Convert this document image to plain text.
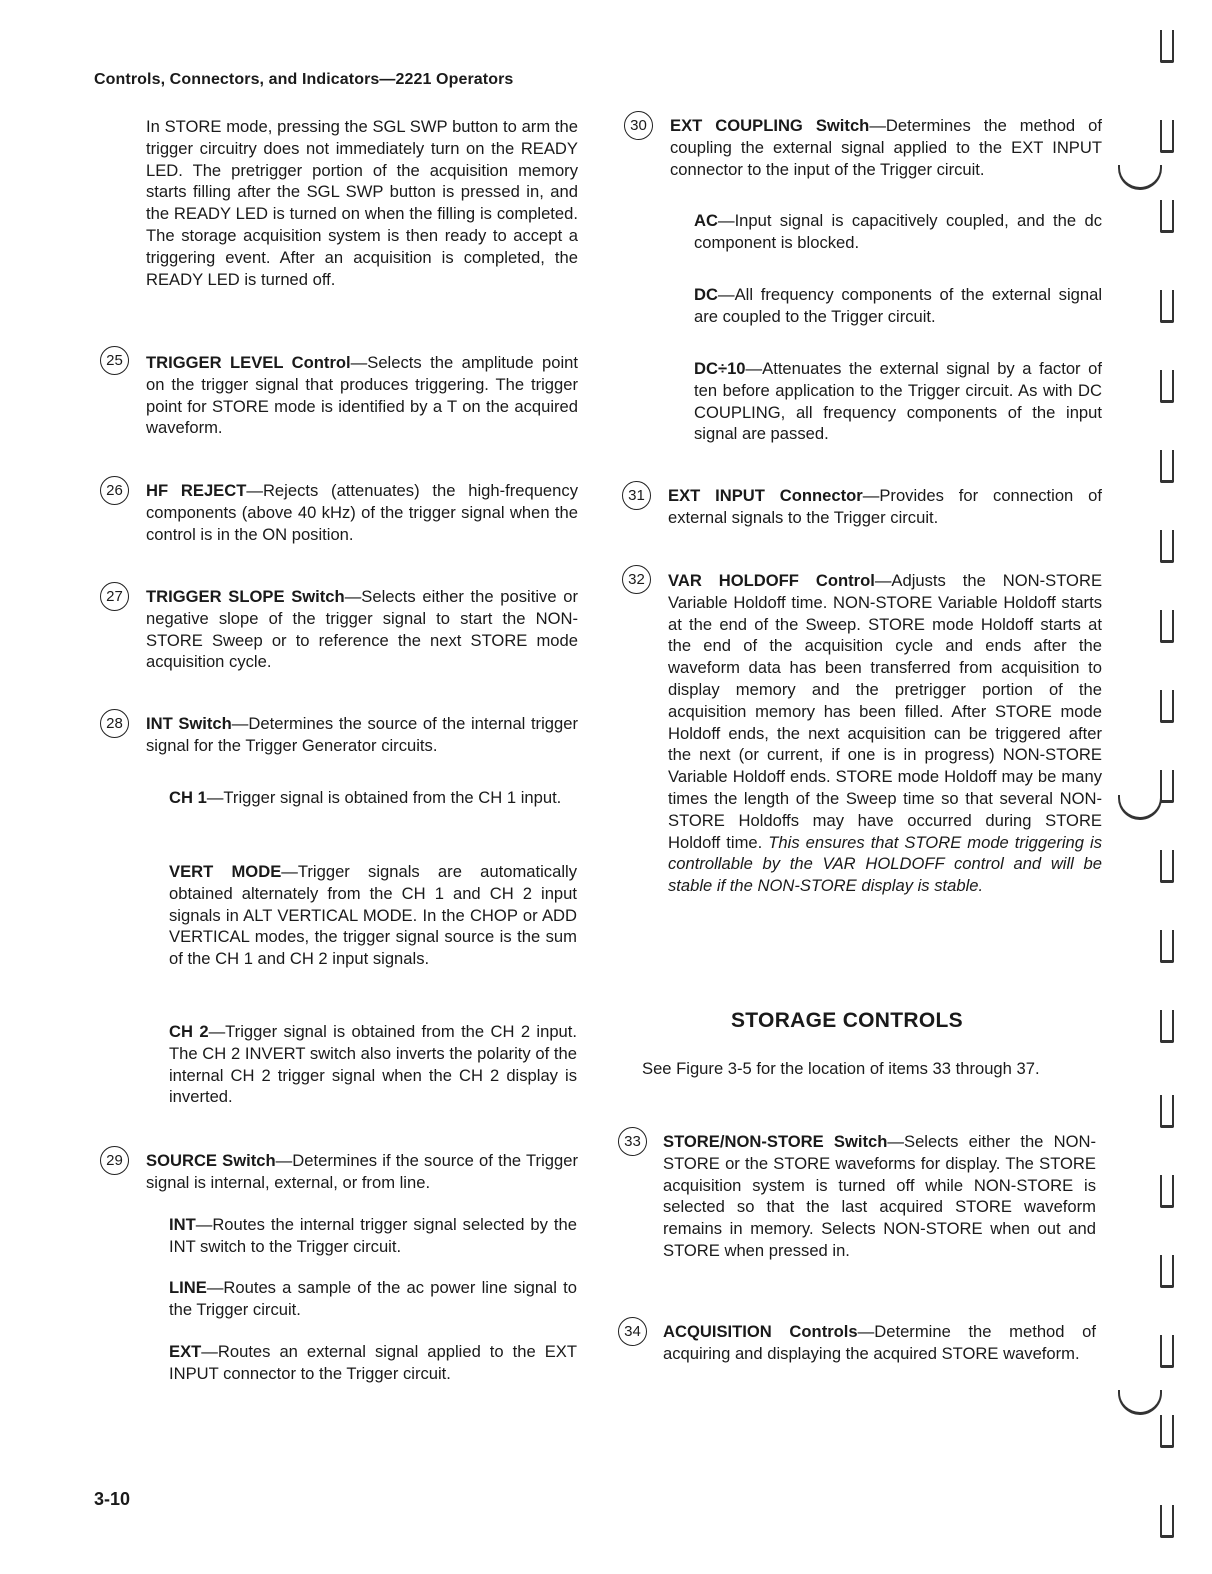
Controls, Connectors, and Indicators—2221 Operators

In STORE mode, pressing the SGL SWP button to arm the trigger circuitry does not immediately turn on the READY LED. The pretrigger portion of the acquisition memory starts filling after the SGL SWP button is pressed in, and the READY LED is turned on when the filling is completed. The storage acquisition system is then ready to accept a triggering event. After an acquisition is completed, the READY LED is turned off.

25	TRIGGER LEVEL Control—Selects the amplitude point on the trigger signal that produces triggering. The trigger point for STORE mode is identified by a T on the acquired waveform.

26	HF REJECT—Rejects (attenuates) the high-frequency components (above 40 kHz) of the trigger signal when the control is in the ON position.

27	TRIGGER SLOPE Switch—Selects either the positive or negative slope of the trigger signal to start the NON-STORE Sweep or to reference the next STORE mode acquisition cycle.

28	INT Switch—Determines the source of the internal trigger signal for the Trigger Generator circuits.

CH 1—Trigger signal is obtained from the CH 1 input.

VERT MODE—Trigger signals are automatically obtained alternately from the CH 1 and CH 2 input signals in ALT VERTICAL MODE. In the CHOP or ADD VERTICAL modes, the trigger signal source is the sum of the CH 1 and CH 2 input signals.

CH 2—Trigger signal is obtained from the CH 2 input. The CH 2 INVERT switch also inverts the polarity of the internal CH 2 trigger signal when the CH 2 display is inverted.

29	SOURCE Switch—Determines if the source of the Trigger signal is internal, external, or from line.

INT—Routes the internal trigger signal selected by the INT switch to the Trigger circuit.

LINE—Routes a sample of the ac power line signal to the Trigger circuit.

EXT—Routes an external signal applied to the EXT INPUT connector to the Trigger circuit.

30	EXT COUPLING Switch—Determines the method of coupling the external signal applied to the EXT INPUT connector to the input of the Trigger circuit.

AC—Input signal is capacitively coupled, and the dc component is blocked.

DC—All frequency components of the external signal are coupled to the Trigger circuit.

DC÷10—Attenuates the external signal by a factor of ten before application to the Trigger circuit. As with DC COUPLING, all frequency components of the input signal are passed.

31	EXT INPUT Connector—Provides for connection of external signals to the Trigger circuit.

32	VAR HOLDOFF Control—Adjusts the NON-STORE Variable Holdoff time. NON-STORE Variable Holdoff starts at the end of the Sweep. STORE mode Holdoff starts at the end of the acquisition cycle and ends after the waveform data has been transferred from acquisition to display memory and the pretrigger portion of the acquisition memory has been filled. After STORE mode Holdoff ends, the next acquisition can be triggered after the next (or current, if one is in progress) NON-STORE Variable Holdoff ends. STORE mode Holdoff may be many times the length of the Sweep time so that several NON-STORE Holdoffs may have occurred during STORE Holdoff time. This ensures that STORE mode triggering is controllable by the VAR HOLDOFF control and will be stable if the NON-STORE display is stable.

STORAGE CONTROLS

See Figure 3-5 for the location of items 33 through 37.

33	STORE/NON-STORE Switch—Selects either the NON-STORE or the STORE waveforms for display. The STORE acquisition system is turned off while NON-STORE is selected so that the last acquired STORE waveform remains in memory. Selects NON-STORE when out and STORE when pressed in.

34	ACQUISITION Controls—Determine the method of acquiring and displaying the acquired STORE waveform.

3-10
